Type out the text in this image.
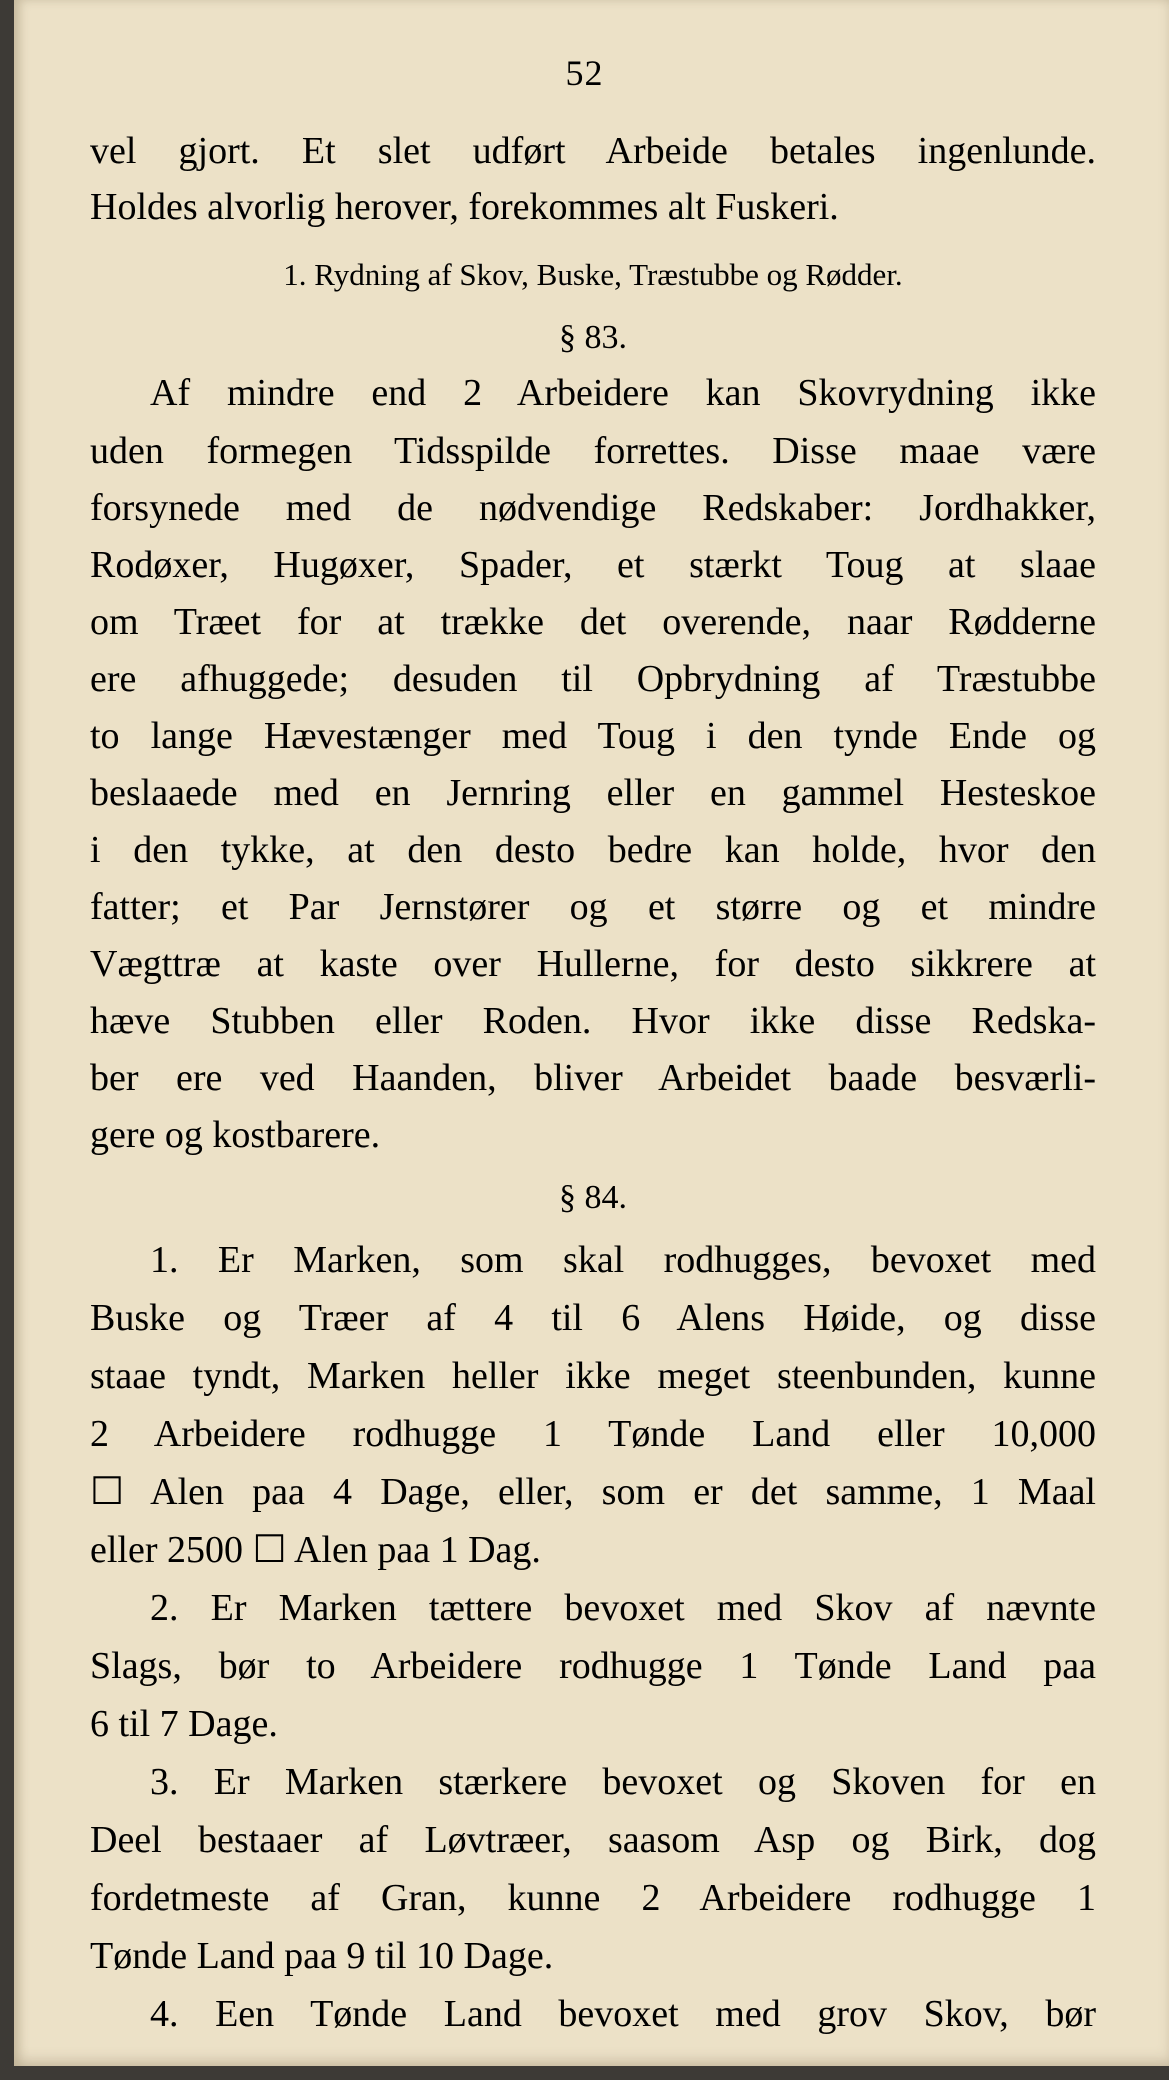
52
vel gjort. Et slet udført Arbeide betales ingenlunde.
Holdes alvorlig herover, forekommes alt Fuskeri.
1. Rydning af Skov, Buske, Træstubbe og Rødder.
§ 83.
Af mindre end 2 Arbeidere kan Skovrydning ikke
uden formegen Tidsspilde forrettes. Disse maae være
forsynede med de nødvendige Redskaber: Jordhakker,
Rodøxer, Hugøxer, Spader, et stærkt Toug at slaae
om Træet for at trække det overende, naar Rødderne
ere afhuggede; desuden til Opbrydning af Træstubbe
to lange Hævestænger med Toug i den tynde Ende og
beslaaede med en Jernring eller en gammel Hesteskoe
i den tykke, at den desto bedre kan holde, hvor den
fatter; et Par Jernstører og et større og et mindre
Vægttræ at kaste over Hullerne, for desto sikkrere at
hæve Stubben eller Roden. Hvor ikke disse Redska-
ber ere ved Haanden, bliver Arbeidet baade besværli-
gere og kostbarere.
§ 84.
1. Er Marken, som skal rodhugges, bevoxet med
Buske og Træer af 4 til 6 Alens Høide, og disse
staae tyndt, Marken heller ikke meget steenbunden, kunne
2 Arbeidere rodhugge 1 Tønde Land eller 10,000
☐ Alen paa 4 Dage, eller, som er det samme, 1 Maal
eller 2500 ☐ Alen paa 1 Dag.
2. Er Marken tættere bevoxet med Skov af nævnte
Slags, bør to Arbeidere rodhugge 1 Tønde Land paa
6 til 7 Dage.
3. Er Marken stærkere bevoxet og Skoven for en
Deel bestaaer af Løvtræer, saasom Asp og Birk, dog
fordetmeste af Gran, kunne 2 Arbeidere rodhugge 1
Tønde Land paa 9 til 10 Dage.
4. Een Tønde Land bevoxet med grov Skov, bør
